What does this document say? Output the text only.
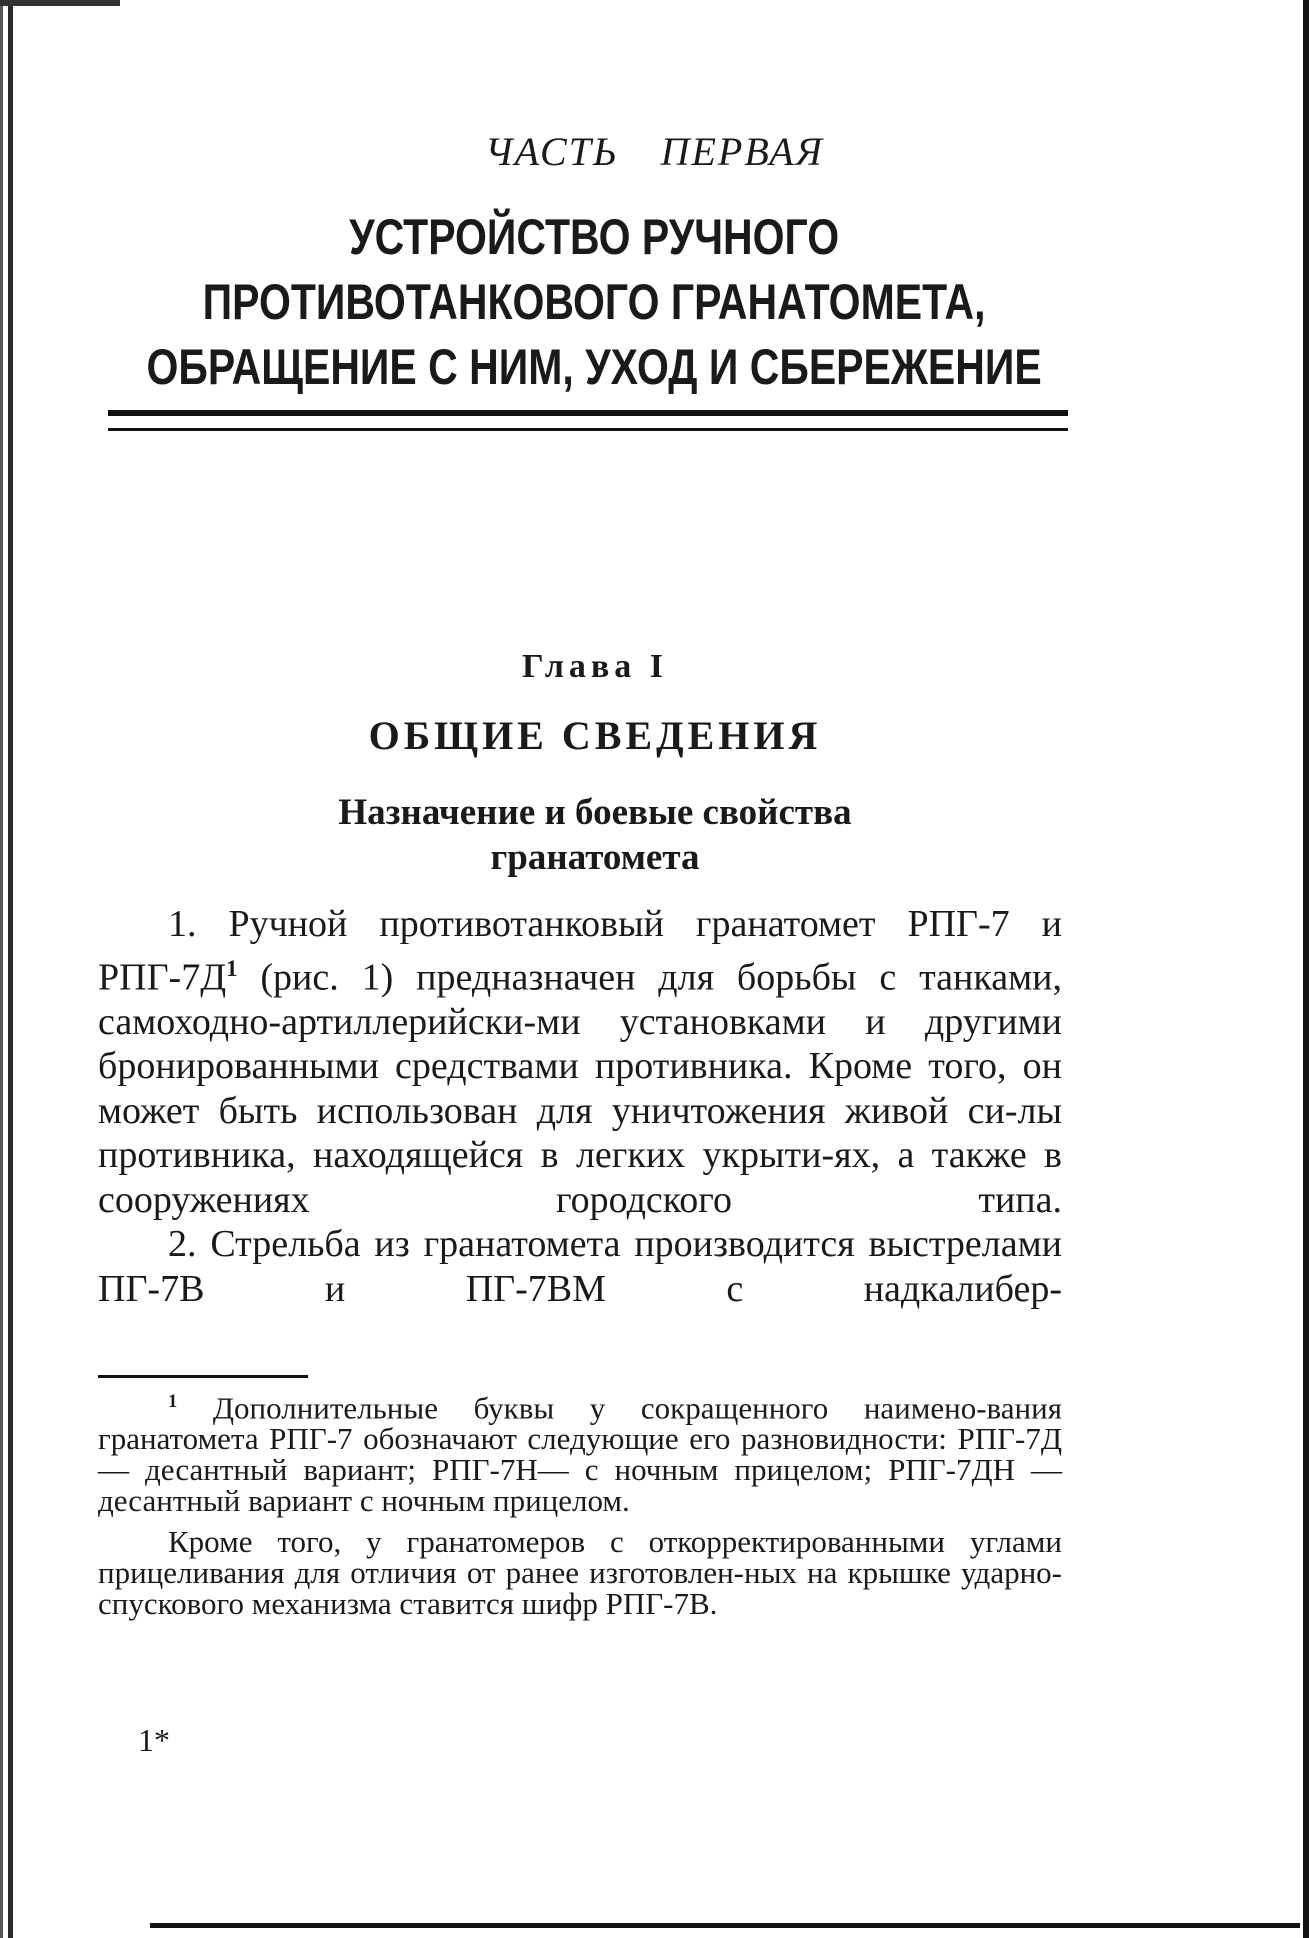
ЧАСТЬ ПЕРВАЯ
УСТРОЙСТВО РУЧНОГО
ПРОТИВОТАНКОВОГО ГРАНАТОМЕТА,
ОБРАЩЕНИЕ С НИМ, УХОД И СБЕРЕЖЕНИЕ
Глава I
ОБЩИЕ СВЕДЕНИЯ
Назначение и боевые свойства
гранатомета

1. Ручной противотанковый гранатомет РПГ-7 и РПГ-$7Д^1$ (рис. 1) предназначен для борьбы с танками, самоходно-артиллерийски-ми установками и другими бронированными средствами противника. Кроме того, он может быть использован для уничтожения живой си-лы противника, находящейся в легких укрыти-ях, а также в сооружениях городского типа.

2. Стрельба из гранатомета производится выстрелами ПГ-7В и ПГ-7ВМ с надкалибер-

$^1$ Дополнительные буквы у сокращенного наимено-вания гранатомета РПГ-7 обозначают следующие его разновидности: РПГ-7Д — десантный вариант; РПГ-7Н— с ночным прицелом; РПГ-7ДН — десантный вариант с ночным прицелом.

Кроме того, у гранатомеров с откорректированными углами прицеливания для отличия от ранее изготовлен-ных на крышке ударно-спускового механизма ставится шифр РПГ-7В.

1*
